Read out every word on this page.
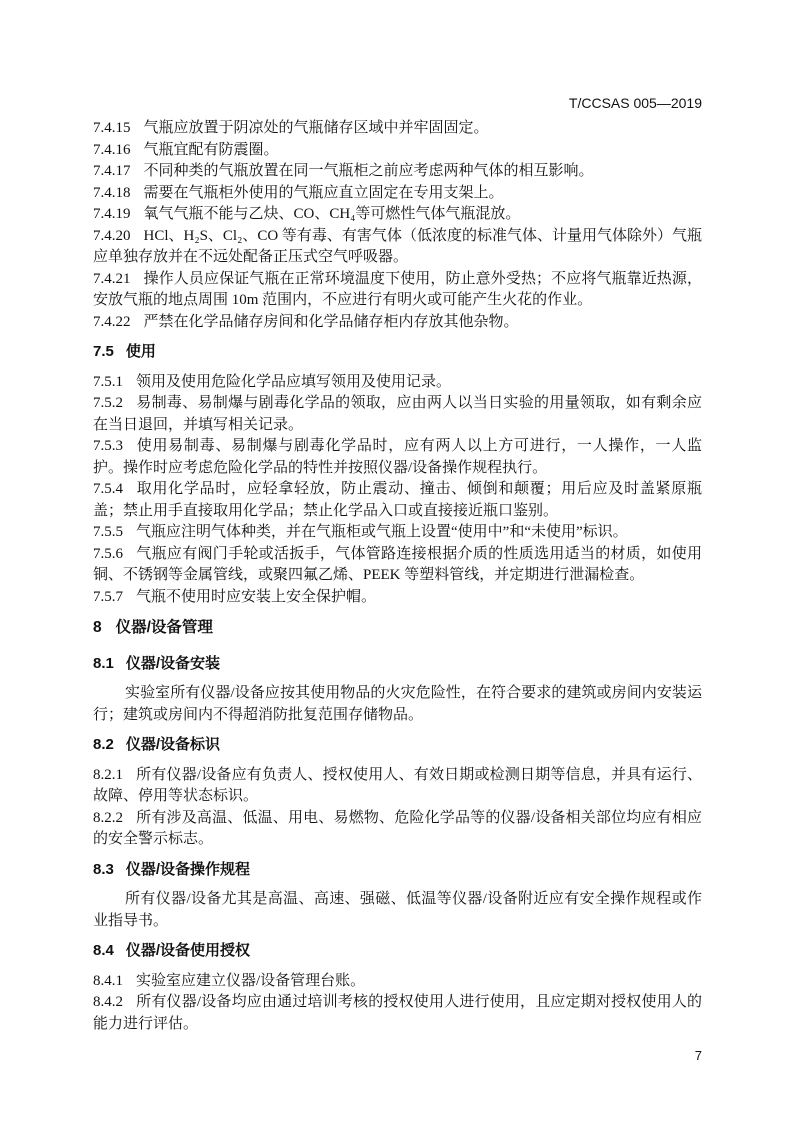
T/CCSAS 005—2019
7.4.15 气瓶应放置于阴凉处的气瓶储存区域中并牢固固定。
7.4.16 气瓶宜配有防震圈。
7.4.17 不同种类的气瓶放置在同一气瓶柜之前应考虑两种气体的相互影响。
7.4.18 需要在气瓶柜外使用的气瓶应直立固定在专用支架上。
7.4.19 氧气气瓶不能与乙炔、CO、CH₄等可燃性气体气瓶混放。
7.4.20 HCl、H₂S、Cl₂、CO 等有毒、有害气体（低浓度的标准气体、计量用气体除外）气瓶应单独存放并在不远处配备正压式空气呼吸器。
7.4.21 操作人员应保证气瓶在正常环境温度下使用，防止意外受热；不应将气瓶靠近热源，安放气瓶的地点周围 10m 范围内，不应进行有明火或可能产生火花的作业。
7.4.22 严禁在化学品储存房间和化学品储存柜内存放其他杂物。
7.5 使用
7.5.1 领用及使用危险化学品应填写领用及使用记录。
7.5.2 易制毒、易制爆与剧毒化学品的领取，应由两人以当日实验的用量领取，如有剩余应在当日退回，并填写相关记录。
7.5.3 使用易制毒、易制爆与剧毒化学品时，应有两人以上方可进行，一人操作，一人监护。操作时应考虑危险化学品的特性并按照仪器/设备操作规程执行。
7.5.4 取用化学品时，应轻拿轻放，防止震动、撞击、倾倒和颠覆；用后应及时盖紧原瓶盖；禁止用手直接取用化学品；禁止化学品入口或直接接近瓶口鉴别。
7.5.5 气瓶应注明气体种类，并在气瓶柜或气瓶上设置“使用中”和“未使用”标识。
7.5.6 气瓶应有阀门手轮或活扳手，气体管路连接根据介质的性质选用适当的材质，如使用铜、不锈钢等金属管线，或聚四氟乙烯、PEEK 等塑料管线，并定期进行泄漏检查。
7.5.7 气瓶不使用时应安装上安全保护帽。
8 仪器/设备管理
8.1 仪器/设备安装
实验室所有仪器/设备应按其使用物品的火灾危险性，在符合要求的建筑或房间内安装运行；建筑或房间内不得超消防批复范围存储物品。
8.2 仪器/设备标识
8.2.1 所有仪器/设备应有负责人、授权使用人、有效日期或检测日期等信息，并具有运行、故障、停用等状态标识。
8.2.2 所有涉及高温、低温、用电、易燃物、危险化学品等的仪器/设备相关部位均应有相应的安全警示标志。
8.3 仪器/设备操作规程
所有仪器/设备尤其是高温、高速、强磁、低温等仪器/设备附近应有安全操作规程或作业指导书。
8.4 仪器/设备使用授权
8.4.1 实验室应建立仪器/设备管理台账。
8.4.2 所有仪器/设备均应由通过培训考核的授权使用人进行使用，且应定期对授权使用人的能力进行评估。
7
